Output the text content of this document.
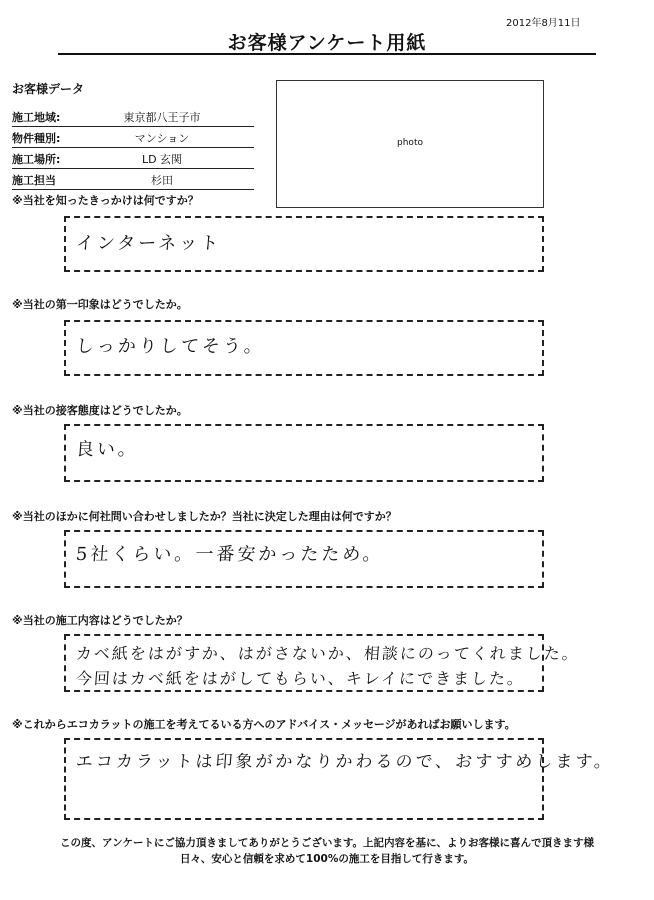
2012年8月11日
お客様アンケート用紙
お客様データ
施工地域:	東京都八王子市
物件種別:	マンション
施工場所:	LD 玄関
施工担当	杉田
photo
※当社を知ったきっかけは何ですか？
インターネット
※当社の第一印象はどうでしたか。
しっかりしてそう。
※当社の接客態度はどうでしたか。
良い。
※当社のほかに何社問い合わせしましたか？当社に決定した理由は何ですか？
5社くらい。一番安かったため。
※当社の施工内容はどうでしたか？
カベ紙をはがすか、はがさないか、相談にのってくれました。
今回はカベ紙をはがしてもらい、キレイにできました。
※これからエコカラットの施工を考えてるいる方へのアドバイス・メッセージがあればお願いします。
エコカラットは印象がかなりかわるので、おすすめします。
この度、アンケートにご協力頂きましてありがとうございます。上記内容を基に、よりお客様に喜んで頂きます様
日々、安心と信頼を求めて100%の施工を目指して行きます。
